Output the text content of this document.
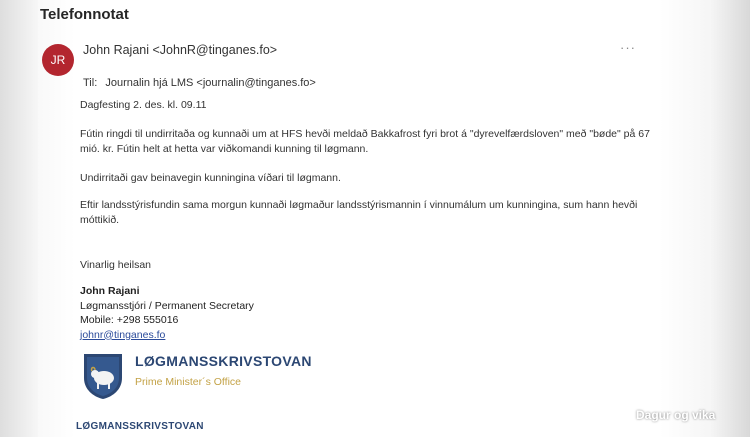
Telefonnotat
JR
John Rajani <JohnR@tinganes.fo>	···
Til: Journalin hjá LMS <journalin@tinganes.fo>
Dagfesting 2. des. kl. 09.11
Fútin ringdi til undirritaða og kunnaði um at HFS hevði meldað Bakkafrost fyri brot á "dyrevelfærdsloven" með "bøde" på 67 mió. kr. Fútin helt at hetta var viðkomandi kunning til løgmann.
Undirritaði gav beinavegin kunningina víðari til løgmann.
Eftir landsstýrisfundin sama morgun kunnaði løgmaður landsstýrismannin í vinnumálum um kunningina, sum hann hevði móttikið.
Vinarlig heilsan
John Rajani
Løgmansstjóri / Permanent Secretary
Mobile: +298 555016
johnr@tinganes.fo
LØGMANSSKRIVSTOVAN
Prime Minister´s Office
LØGMANSSKRIVSTOVAN
Dagur og vika
